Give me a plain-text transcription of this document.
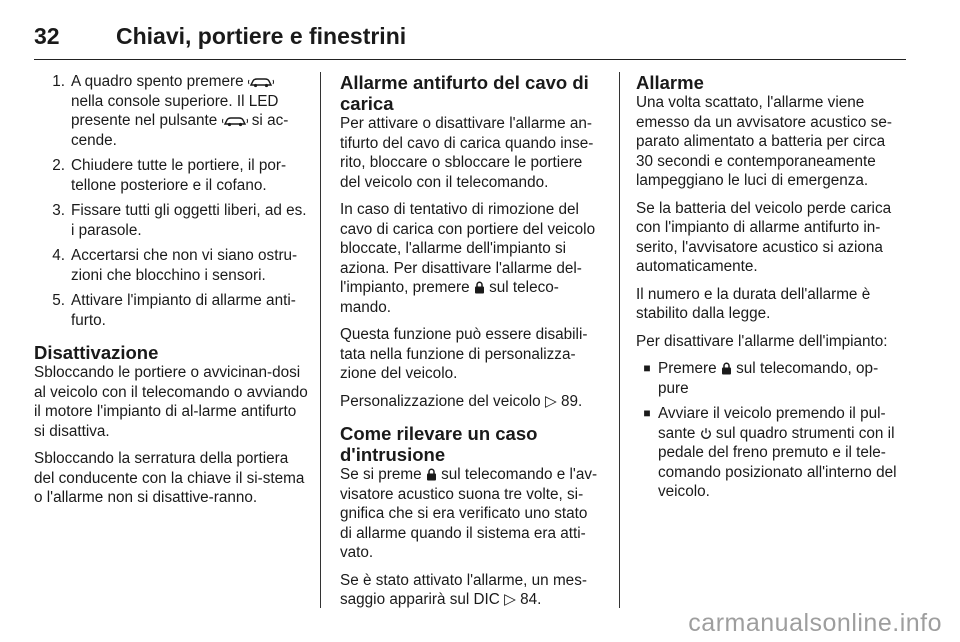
32	Chiavi, portiere e finestrini
1. A quadro spento premere  nella console superiore. Il LED presente nel pulsante  si ac-cende.
2. Chiudere tutte le portiere, il por-tellone posteriore e il cofano.
3. Fissare tutti gli oggetti liberi, ad es. i parasole.
4. Accertarsi che non vi siano ostru-zioni che blocchino i sensori.
5. Attivare l'impianto di allarme anti-furto.
Disattivazione

Sbloccando le portiere o avvicinan-dosi al veicolo con il telecomando o avviando il motore l'impianto di al-larme antifurto si disattiva.

Sbloccando la serratura della portiera del conducente con la chiave il si-stema o l'allarme non si disattive-ranno.

Allarme antifurto del cavo di carica

Per attivare o disattivare l'allarme an-tifurto del cavo di carica quando inse-rito, bloccare o sbloccare le portiere del veicolo con il telecomando.

In caso di tentativo di rimozione del cavo di carica con portiere del veicolo bloccate, l'allarme dell'impianto si aziona. Per disattivare l'allarme del-l'impianto, premere  sul teleco-mando.

Questa funzione può essere disabili-tata nella funzione di personalizza-zione del veicolo.

Personalizzazione del veicolo ▷ 89.

Come rilevare un caso d'intrusione

Se si preme  sul telecomando e l'av-visatore acustico suona tre volte, si-gnifica che si era verificato uno stato di allarme quando il sistema era atti-vato.

Se è stato attivato l'allarme, un mes-saggio apparirà sul DIC ▷ 84.

Allarme

Una volta scattato, l'allarme viene emesso da un avvisatore acustico se-parato alimentato a batteria per circa 30 secondi e contemporaneamente lampeggiano le luci di emergenza.

Se la batteria del veicolo perde carica con l'impianto di allarme antifurto in-serito, l'avvisatore acustico si aziona automaticamente.

Il numero e la durata dell'allarme è stabilito dalla legge.

Per disattivare l'allarme dell'impianto:

■ Premere  sul telecomando, op-pure
■ Avviare il veicolo premendo il pul-sante  sul quadro strumenti con il pedale del freno premuto e il tele-comando posizionato all'interno del veicolo.
carmanualsonline.info
